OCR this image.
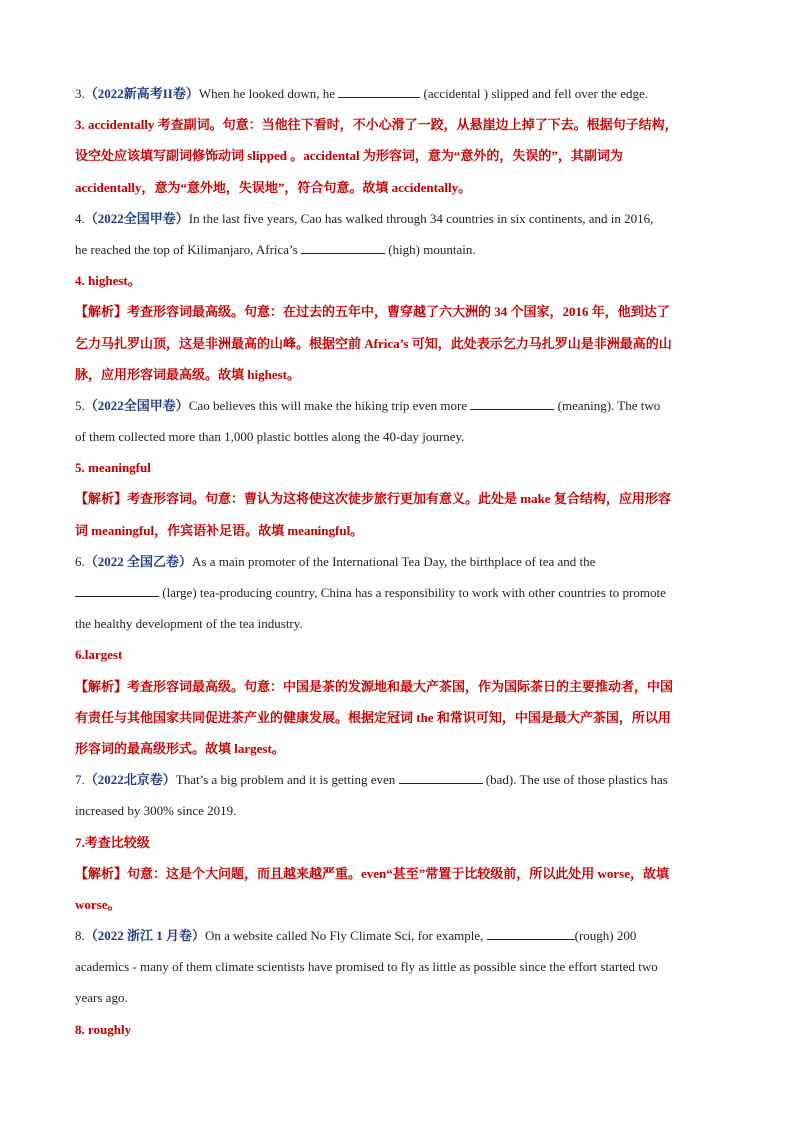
3.（2022新高考II卷）When he looked down, he	(accidental ) slipped and fell over the edge.
3. accidentally 考查副词。句意：当他往下看时，不小心滑了一跤，从悬崖边上掉了下去。根据句子结构，
设空处应该填写副词修饰动词 slipped 。accidental 为形容词，意为“意外的，失误的”，其副词为
accidentally，意为“意外地，失误地”，符合句意。故填 accidentally。
4.（2022全国甲卷）In the last five years, Cao has walked through 34 countries in six continents, and in 2016,
he reached the top of Kilimanjaro, Africa’s	(high) mountain.
4. highest。
【解析】考查形容词最高级。句意：在过去的五年中，曹穿越了六大洲的 34 个国家，2016 年，他到达了
乞力马扎罗山顶，这是非洲最高的山峰。根据空前 Africa’s 可知，此处表示乞力马扎罗山是非洲最高的山
脉，应用形容词最高级。故填 highest。
5.（2022全国甲卷）Cao believes this will make the hiking trip even more	(meaning). The two
of them collected more than 1,000 plastic bottles along the 40-day journey.
5. meaningful
【解析】考查形容词。句意：曹认为这将使这次徒步旅行更加有意义。此处是 make 复合结构，应用形容
词 meaningful，作宾语补足语。故填 meaningful。
6.（2022 全国乙卷）As a main promoter of the International Tea Day, the birthplace of tea and the
(large) tea-producing country, China has a responsibility to work with other countries to promote
the healthy development of the tea industry.
6.largest
【解析】考查形容词最高级。句意：中国是茶的发源地和最大产茶国，作为国际茶日的主要推动者，中国
有责任与其他国家共同促进茶产业的健康发展。根据定冠词 the 和常识可知，中国是最大产茶国，所以用
形容词的最高级形式。故填 largest。
7.（2022北京卷）That’s a big problem and it is getting even	(bad). The use of those plastics has
increased by 300% since 2019.
7.考查比较级
【解析】句意：这是个大问题，而且越来越严重。even“甚至”常置于比较级前，所以此处用 worse，故填
worse。
8.（2022 浙江 1 月卷）On a website called No Fly Climate Sci, for example,	(rough) 200
academics - many of them climate scientists have promised to fly as little as possible since the effort started two
years ago.
8. roughly
